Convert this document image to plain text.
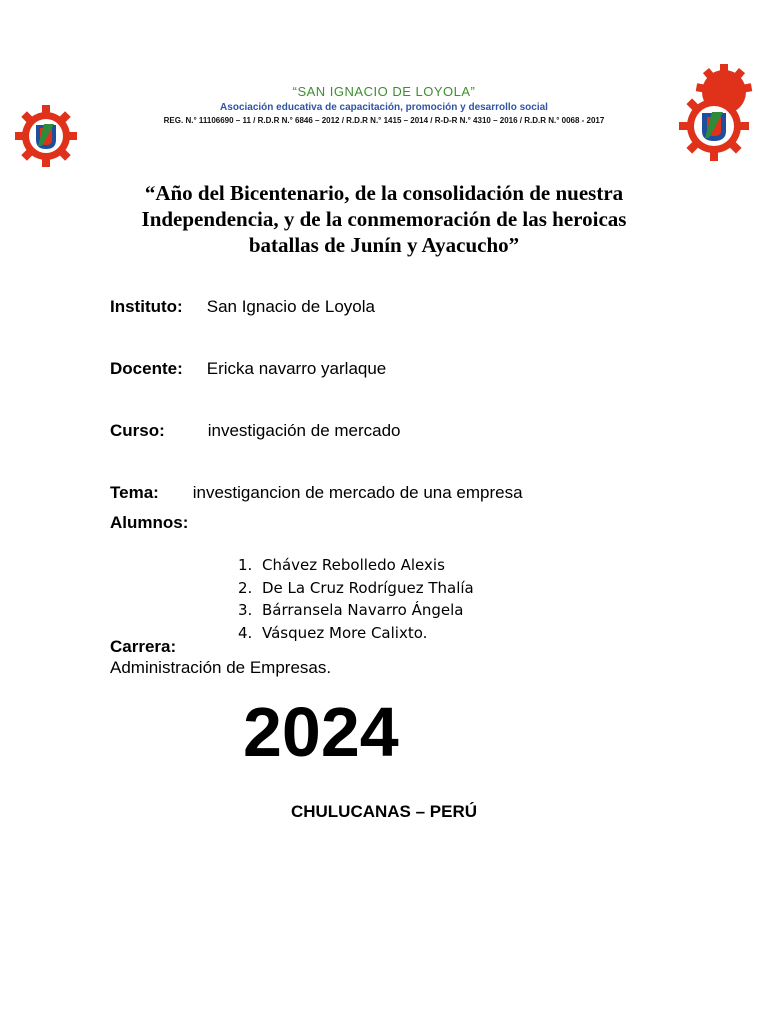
“SAN IGNACIO DE LOYOLA”
Asociación educativa de capacitación, promoción y desarrollo social
REG. N.° 11106690 – 11 / R.D.R N.° 6846 – 2012 / R.D.R N.° 1415 – 2014 / R-D-R N.° 4310 – 2016 / R.D.R N.° 0068 - 2017
“Año del Bicentenario, de la consolidación de nuestra
Independencia, y de la conmemoración de las heroicas
batallas de Junín y Ayacucho”
Instituto: San Ignacio de Loyola
Docente: Ericka navarro yarlaque
Curso:	investigación de mercado
Tema: investigancion de mercado de una empresa
Alumnos:
1. Chávez Rebolledo Alexis
2. De La Cruz Rodríguez Thalía
3. Bárransela Navarro Ángela
4. Vásquez More Calixto.
Carrera:
Administración de Empresas.
2024
CHULUCANAS – PERÚ
